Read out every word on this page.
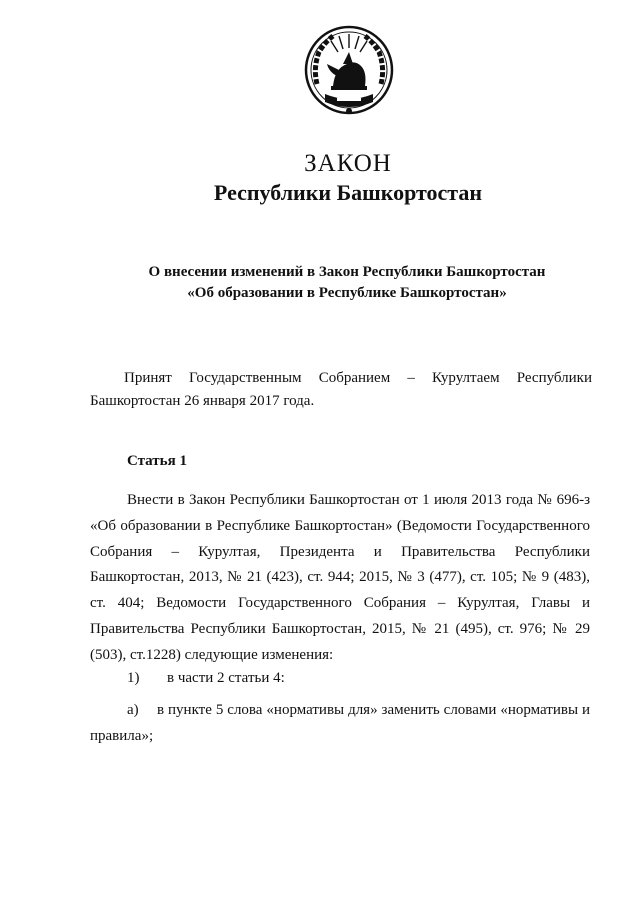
ЗАКОН
Республики Башкортостан
О внесении изменений в Закон Республики Башкортостан
«Об образовании в Республике Башкортостан»
Принят Государственным Собранием – Курултаем Республики Башкортостан 26 января 2017 года.
Статья 1

Внести в Закон Республики Башкортостан от 1 июля 2013 года № 696-з «Об образовании в Республике Башкортостан» (Ведомости Государственного Собрания – Курултая, Президента и Правительства Республики Башкортостан, 2013, № 21 (423), ст. 944; 2015, № 3 (477), ст. 105; № 9 (483), ст. 404; Ведомости Государственного Собрания – Курултая, Главы и Правительства Республики Башкортостан, 2015, № 21 (495), ст. 976; № 29 (503), ст.1228) следующие изменения:

1) в части 2 статьи 4:

а) в пункте 5 слова «нормативы для» заменить словами «нормативы и правила»;
